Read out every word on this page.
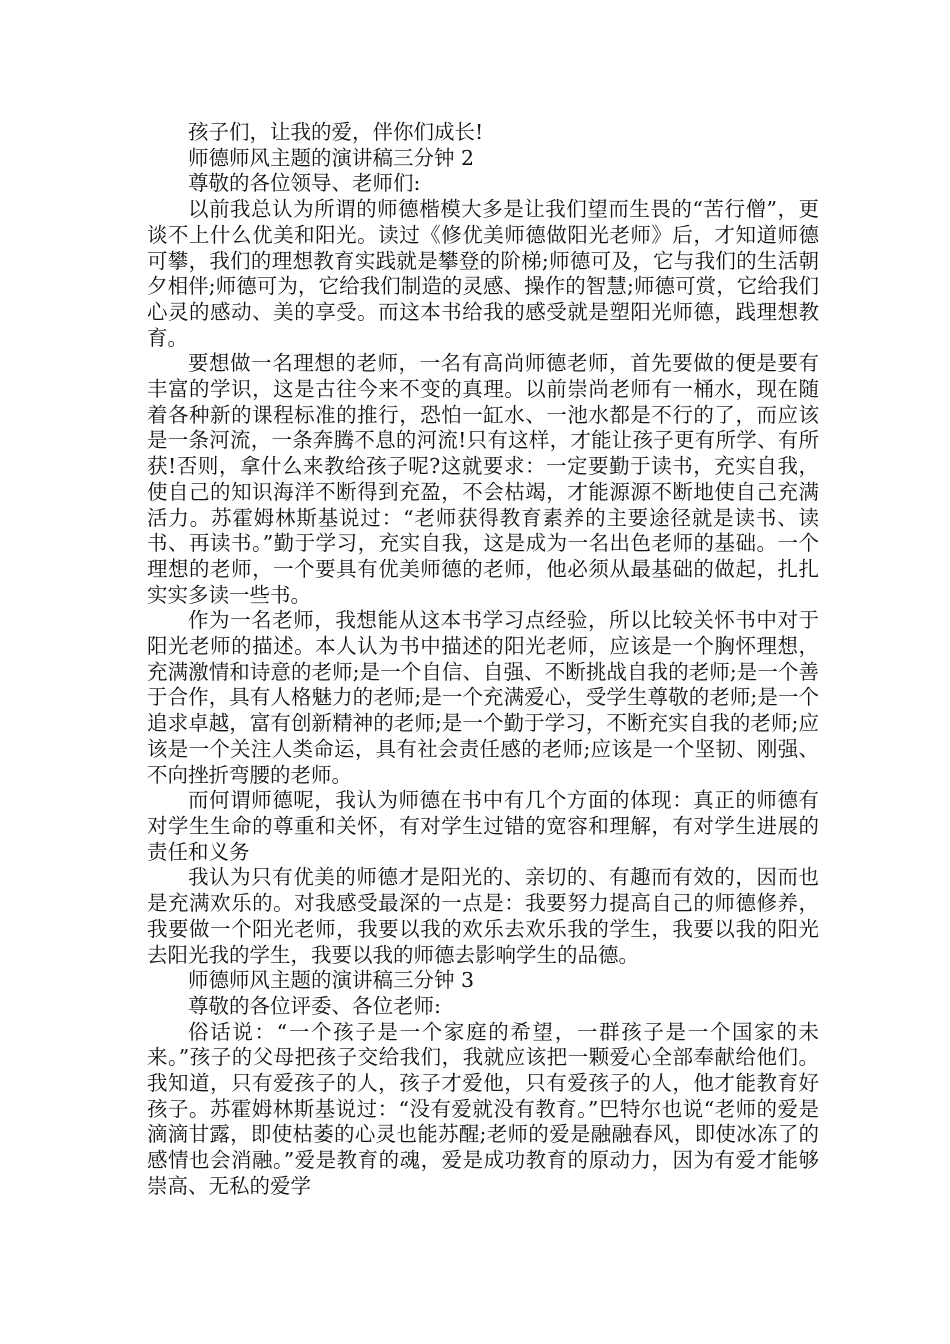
孩子们，让我的爱，伴你们成长!

师德师风主题的演讲稿三分钟 2

尊敬的各位领导、老师们:

以前我总认为所谓的师德楷模大多是让我们望而生畏的“苦行僧”，更谈不上什么优美和阳光。读过《修优美师德做阳光老师》后，才知道师德可攀，我们的理想教育实践就是攀登的阶梯;师德可及，它与我们的生活朝夕相伴;师德可为，它给我们制造的灵感、操作的智慧;师德可赏，它给我们心灵的感动、美的享受。而这本书给我的感受就是塑阳光师德，践理想教育。

要想做一名理想的老师，一名有高尚师德老师，首先要做的便是要有丰富的学识，这是古往今来不变的真理。以前崇尚老师有一桶水，现在随着各种新的课程标准的推行，恐怕一缸水、一池水都是不行的了，而应该是一条河流，一条奔腾不息的河流!只有这样，才能让孩子更有所学、有所获!否则，拿什么来教给孩子呢?这就要求：一定要勤于读书，充实自我，使自己的知识海洋不断得到充盈，不会枯竭，才能源源不断地使自己充满活力。苏霍姆林斯基说过：“老师获得教育素养的主要途径就是读书、读书、再读书。”勤于学习，充实自我，这是成为一名出色老师的基础。一个理想的老师，一个要具有优美师德的老师，他必须从最基础的做起，扎扎实实多读一些书。

作为一名老师，我想能从这本书学习点经验，所以比较关怀书中对于阳光老师的描述。本人认为书中描述的阳光老师，应该是一个胸怀理想，充满激情和诗意的老师;是一个自信、自强、不断挑战自我的老师;是一个善于合作，具有人格魅力的老师;是一个充满爱心，受学生尊敬的老师;是一个追求卓越，富有创新精神的老师;是一个勤于学习，不断充实自我的老师;应该是一个关注人类命运，具有社会责任感的老师;应该是一个坚韧、刚强、不向挫折弯腰的老师。

而何谓师德呢，我认为师德在书中有几个方面的体现：真正的师德有对学生生命的尊重和关怀，有对学生过错的宽容和理解，有对学生进展的责任和义务

我认为只有优美的师德才是阳光的、亲切的、有趣而有效的，因而也是充满欢乐的。对我感受最深的一点是：我要努力提高自己的师德修养，我要做一个阳光老师，我要以我的欢乐去欢乐我的学生，我要以我的阳光去阳光我的学生，我要以我的师德去影响学生的品德。

师德师风主题的演讲稿三分钟 3

尊敬的各位评委、各位老师:

俗话说：“一个孩子是一个家庭的希望，一群孩子是一个国家的未来。”孩子的父母把孩子交给我们，我就应该把一颗爱心全部奉献给他们。我知道，只有爱孩子的人，孩子才爱他，只有爱孩子的人，他才能教育好孩子。苏霍姆林斯基说过：“没有爱就没有教育。”巴特尔也说“老师的爱是滴滴甘露，即使枯萎的心灵也能苏醒;老师的爱是融融春风，即使冰冻了的感情也会消融。”爱是教育的魂，爱是成功教育的原动力，因为有爱才能够崇高、无私的爱学
